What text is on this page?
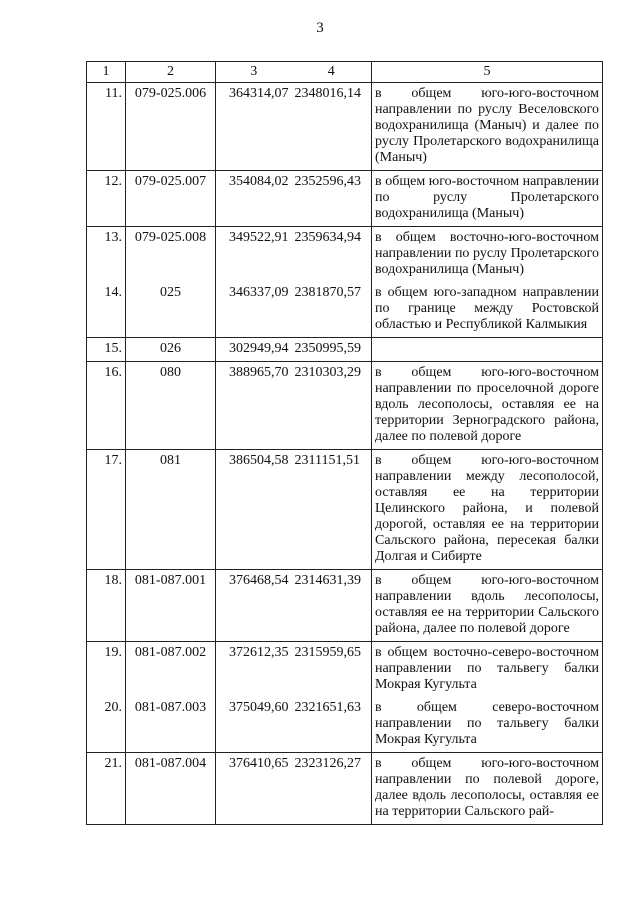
3
1	2	3	4	5
11.	079-025.006	364314,07	2348016,14	в общем юго-юго-восточном направлении по руслу Веселовского водохранилища (Маныч) и далее по руслу Пролетарского водохранилища (Маныч)
12.	079-025.007	354084,02	2352596,43	в общем юго-восточном направлении по руслу Пролетарского водохранилища (Маныч)
13.	079-025.008	349522,91	2359634,94	в общем восточно-юго-восточном направлении по руслу Пролетарского водохранилища (Маныч)
14.	025	346337,09	2381870,57	в общем юго-западном направлении по границе между Ростовской областью и Республикой Калмыкия
15.	026	302949,94	2350995,59	
16.	080	388965,70	2310303,29	в общем юго-юго-восточном направлении по проселочной дороге вдоль лесополосы, оставляя ее на территории Зерноградского района, далее по полевой дороге
17.	081	386504,58	2311151,51	в общем юго-юго-восточном направлении между лесополосой, оставляя ее на территории Целинского района, и полевой дорогой, оставляя ее на территории Сальского района, пересекая балки Долгая и Сибирте
18.	081-087.001	376468,54	2314631,39	в общем юго-юго-восточном направлении вдоль лесополосы, оставляя ее на территории Сальского района, далее по полевой дороге
19.	081-087.002	372612,35	2315959,65	в общем восточно-северо-восточном направлении по тальвегу балки Мокрая Кугульта
20.	081-087.003	375049,60	2321651,63	в общем северо-восточном направлении по тальвегу балки Мокрая Кугульта
21.	081-087.004	376410,65	2323126,27	в общем юго-юго-восточном направлении по полевой дороге, далее вдоль лесополосы, оставляя ее на территории Сальского рай-
